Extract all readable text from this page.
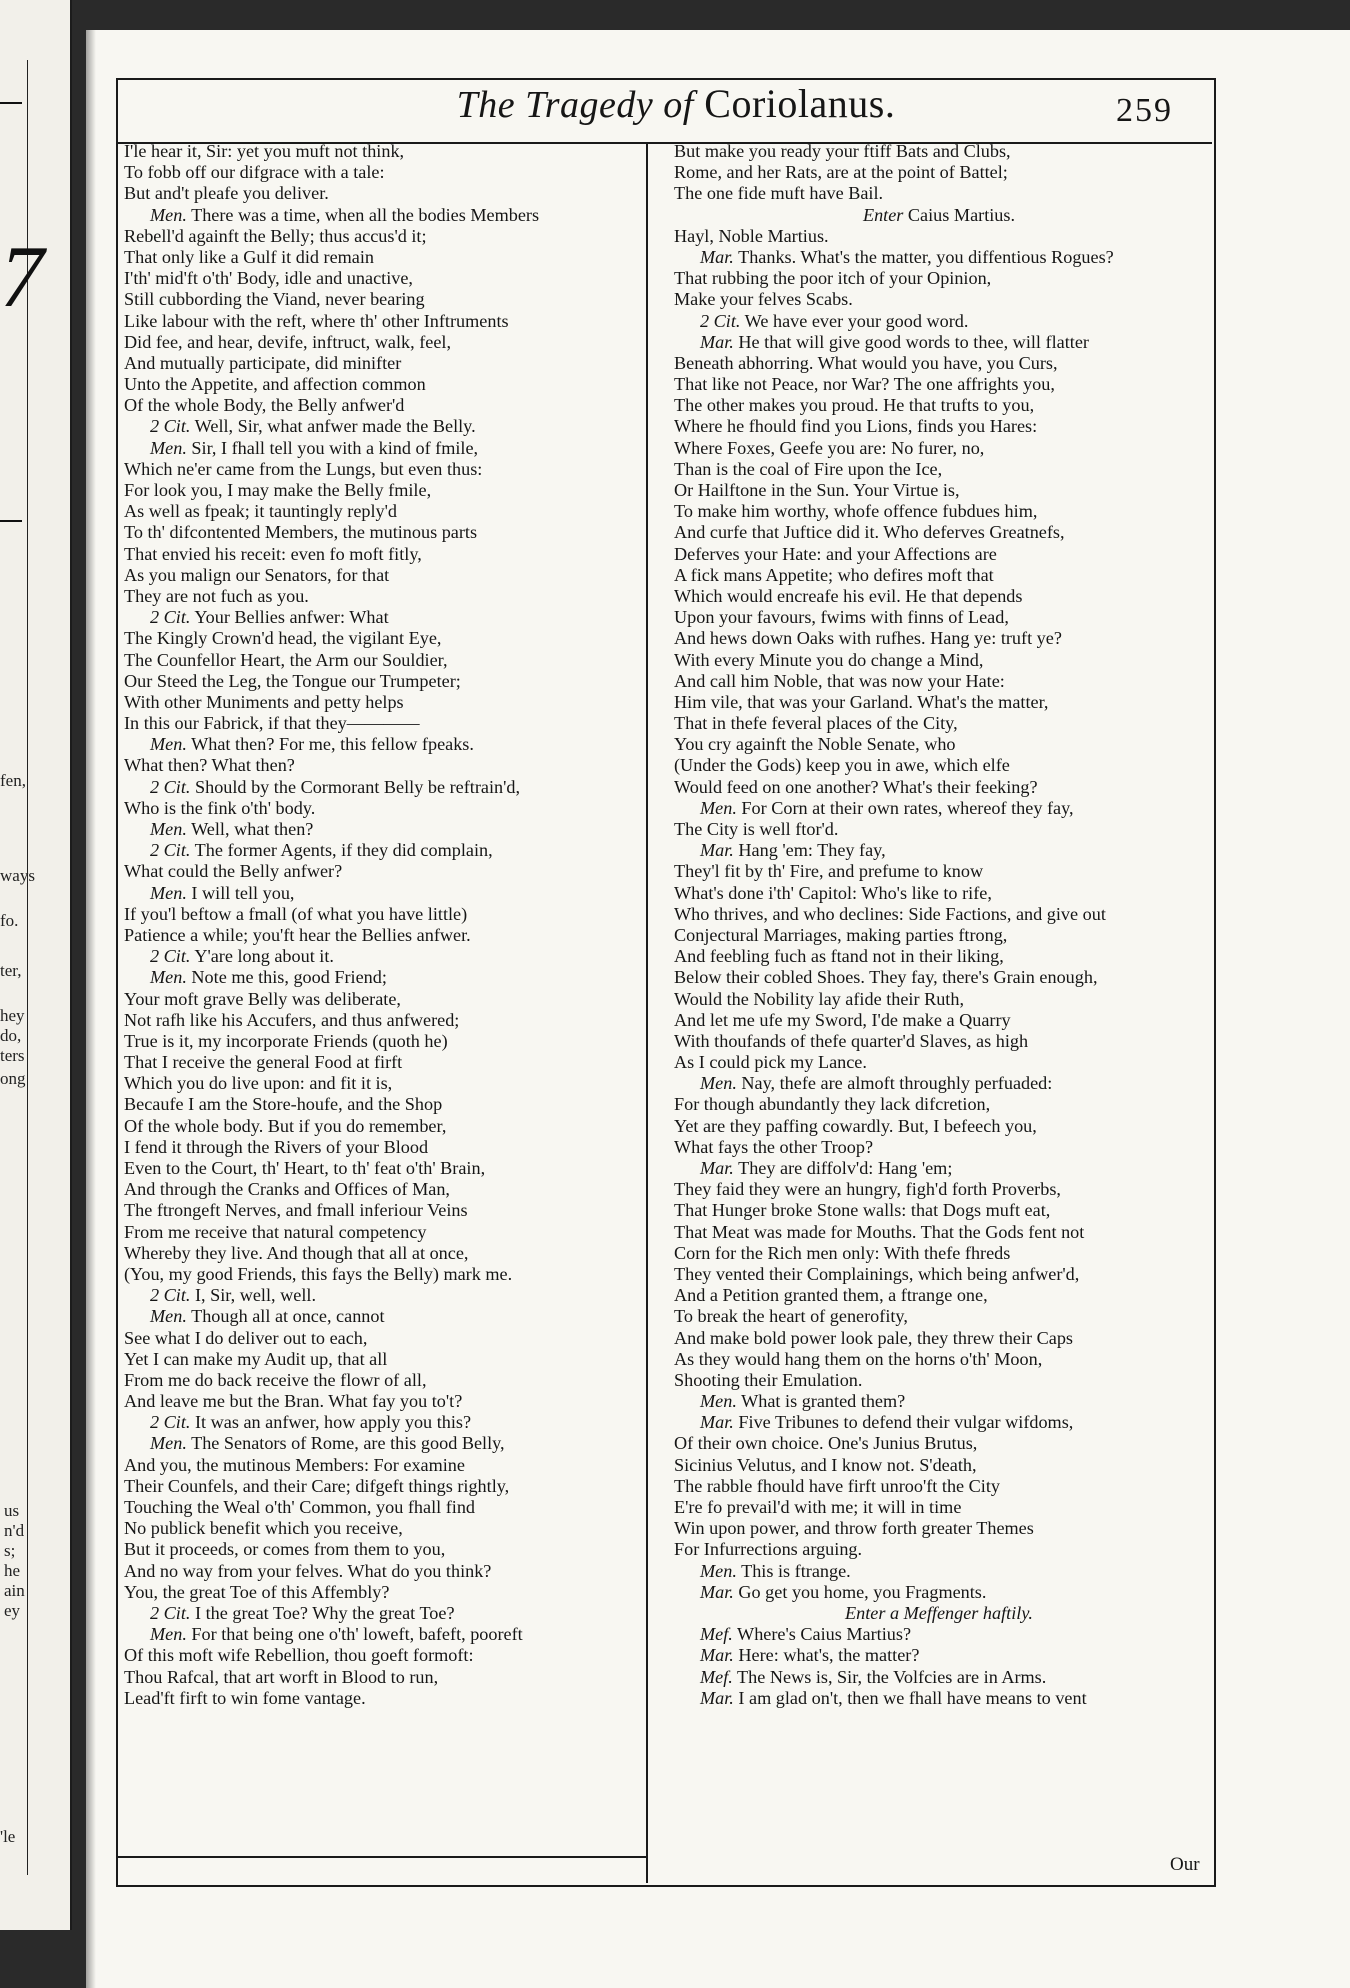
7
fen,
ways
fo.
ter,
hey
do,
ters
ong
us
n'd
s;
he
ain
ey
'le
The Tragedy of Coriolanus.	259
I'le hear it, Sir: yet you muft not think,
To fobb off our difgrace with a tale:
But and't pleafe you deliver.
Men. There was a time, when all the bodies Members
Rebell'd againft the Belly; thus accus'd it;
That only like a Gulf it did remain
I'th' mid'ft o'th' Body, idle and unactive,
Still cubbording the Viand, never bearing
Like labour with the reft, where th' other Inftruments
Did fee, and hear, devife, inftruct, walk, feel,
And mutually participate, did minifter
Unto the Appetite, and affection common
Of the whole Body, the Belly anfwer'd
2 Cit. Well, Sir, what anfwer made the Belly.
Men. Sir, I fhall tell you with a kind of fmile,
Which ne'er came from the Lungs, but even thus:
For look you, I may make the Belly fmile,
As well as fpeak; it tauntingly reply'd
To th' difcontented Members, the mutinous parts
That envied his receit: even fo moft fitly,
As you malign our Senators, for that
They are not fuch as you.
2 Cit. Your Bellies anfwer: What
The Kingly Crown'd head, the vigilant Eye,
The Counfellor Heart, the Arm our Souldier,
Our Steed the Leg, the Tongue our Trumpeter;
With other Muniments and petty helps
In this our Fabrick, if that they————
Men. What then? For me, this fellow fpeaks.
What then? What then?
2 Cit. Should by the Cormorant Belly be reftrain'd,
Who is the fink o'th' body.
Men. Well, what then?
2 Cit. The former Agents, if they did complain,
What could the Belly anfwer?
Men. I will tell you,
If you'l beftow a fmall (of what you have little)
Patience a while; you'ft hear the Bellies anfwer.
2 Cit. Y'are long about it.
Men. Note me this, good Friend;
Your moft grave Belly was deliberate,
Not rafh like his Accufers, and thus anfwered;
True is it, my incorporate Friends (quoth he)
That I receive the general Food at firft
Which you do live upon: and fit it is,
Becaufe I am the Store-houfe, and the Shop
Of the whole body. But if you do remember,
I fend it through the Rivers of your Blood
Even to the Court, th' Heart, to th' feat o'th' Brain,
And through the Cranks and Offices of Man,
The ftrongeft Nerves, and fmall inferiour Veins
From me receive that natural competency
Whereby they live. And though that all at once,
(You, my good Friends, this fays the Belly) mark me.
2 Cit. I, Sir, well, well.
Men. Though all at once, cannot
See what I do deliver out to each,
Yet I can make my Audit up, that all
From me do back receive the flowr of all,
And leave me but the Bran. What fay you to't?
2 Cit. It was an anfwer, how apply you this?
Men. The Senators of Rome, are this good Belly,
And you, the mutinous Members: For examine
Their Counfels, and their Care; difgeft things rightly,
Touching the Weal o'th' Common, you fhall find
No publick benefit which you receive,
But it proceeds, or comes from them to you,
And no way from your felves. What do you think?
You, the great Toe of this Affembly?
2 Cit. I the great Toe? Why the great Toe?
Men. For that being one o'th' loweft, bafeft, pooreft
Of this moft wife Rebellion, thou goeft formoft:
Thou Rafcal, that art worft in Blood to run,
Lead'ft firft to win fome vantage.
But make you ready your ftiff Bats and Clubs,
Rome, and her Rats, are at the point of Battel;
The one fide muft have Bail.
Enter Caius Martius.
Hayl, Noble Martius.
Mar. Thanks. What's the matter, you diffentious Rogues?
That rubbing the poor itch of your Opinion,
Make your felves Scabs.
2 Cit. We have ever your good word.
Mar. He that will give good words to thee, will flatter
Beneath abhorring. What would you have, you Curs,
That like not Peace, nor War? The one affrights you,
The other makes you proud. He that trufts to you,
Where he fhould find you Lions, finds you Hares:
Where Foxes, Geefe you are: No furer, no,
Than is the coal of Fire upon the Ice,
Or Hailftone in the Sun. Your Virtue is,
To make him worthy, whofe offence fubdues him,
And curfe that Juftice did it. Who deferves Greatnefs,
Deferves your Hate: and your Affections are
A fick mans Appetite; who defires moft that
Which would encreafe his evil. He that depends
Upon your favours, fwims with finns of Lead,
And hews down Oaks with rufhes. Hang ye: truft ye?
With every Minute you do change a Mind,
And call him Noble, that was now your Hate:
Him vile, that was your Garland. What's the matter,
That in thefe feveral places of the City,
You cry againft the Noble Senate, who
(Under the Gods) keep you in awe, which elfe
Would feed on one another? What's their feeking?
Men. For Corn at their own rates, whereof they fay,
The City is well ftor'd.
Mar. Hang 'em: They fay,
They'l fit by th' Fire, and prefume to know
What's done i'th' Capitol: Who's like to rife,
Who thrives, and who declines: Side Factions, and give out
Conjectural Marriages, making parties ftrong,
And feebling fuch as ftand not in their liking,
Below their cobled Shoes. They fay, there's Grain enough,
Would the Nobility lay afide their Ruth,
And let me ufe my Sword, I'de make a Quarry
With thoufands of thefe quarter'd Slaves, as high
As I could pick my Lance.
Men. Nay, thefe are almoft throughly perfuaded:
For though abundantly they lack difcretion,
Yet are they paffing cowardly. But, I befeech you,
What fays the other Troop?
Mar. They are diffolv'd: Hang 'em;
They faid they were an hungry, figh'd forth Proverbs,
That Hunger broke Stone walls: that Dogs muft eat,
That Meat was made for Mouths. That the Gods fent not
Corn for the Rich men only: With thefe fhreds
They vented their Complainings, which being anfwer'd,
And a Petition granted them, a ftrange one,
To break the heart of generofity,
And make bold power look pale, they threw their Caps
As they would hang them on the horns o'th' Moon,
Shooting their Emulation.
Men. What is granted them?
Mar. Five Tribunes to defend their vulgar wifdoms,
Of their own choice. One's Junius Brutus,
Sicinius Velutus, and I know not. S'death,
The rabble fhould have firft unroo'ft the City
E're fo prevail'd with me; it will in time
Win upon power, and throw forth greater Themes
For Infurrections arguing.
Men. This is ftrange.
Mar. Go get you home, you Fragments.
Enter a Meffenger haftily.
Mef. Where's Caius Martius?
Mar. Here: what's, the matter?
Mef. The News is, Sir, the Volfcies are in Arms.
Mar. I am glad on't, then we fhall have means to vent
Our
